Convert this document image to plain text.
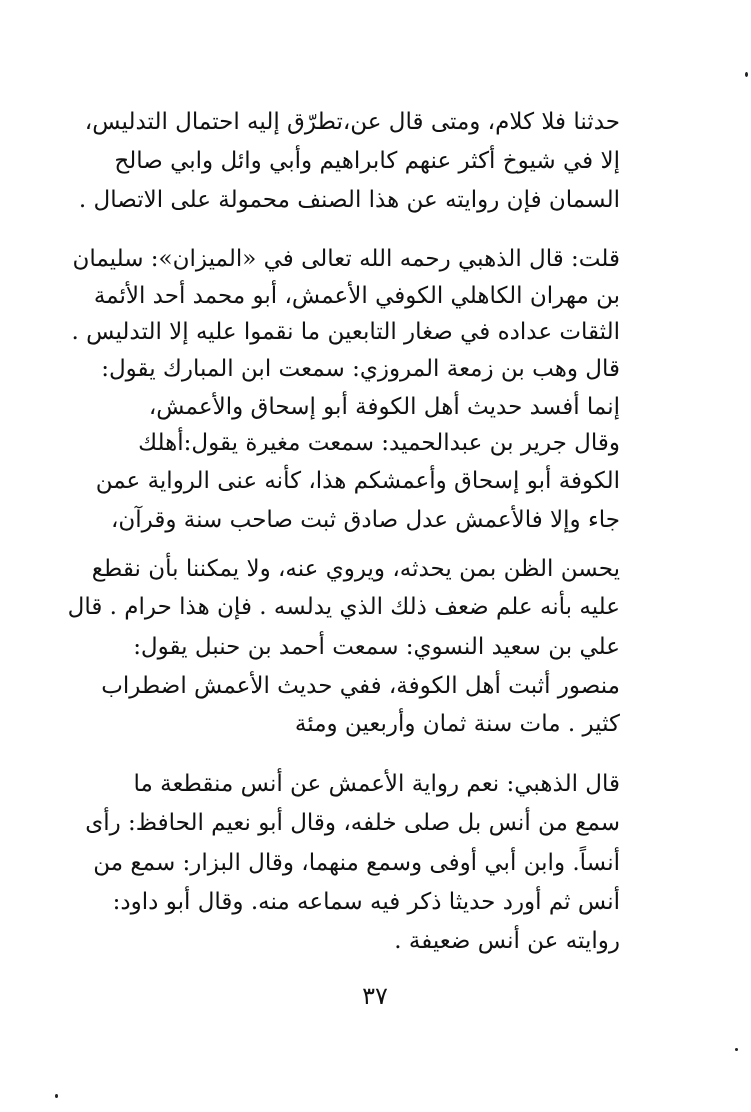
حدثنا فلا كلام، ومتى قال عن،تطرّق إليه احتمال التدليس،
إلا في شيوخ أكثر عنهم كابراهيم وأبي وائل وابي صالح
السمان فإن روايته عن هذا الصنف محمولة على الاتصال .
قلت: قال الذهبي رحمه الله تعالى في «الميزان»: سليمان
بن مهران الكاهلي الكوفي الأعمش، أبو محمد أحد الأئمة
الثقات عداده في صغار التابعين ما نقموا عليه إلا التدليس .
قال وهب بن زمعة المروزي: سمعت ابن المبارك يقول:
إنما أفسد حديث أهل الكوفة أبو إسحاق والأعمش،
وقال جرير بن عبدالحميد: سمعت مغيرة يقول:أهلك
الكوفة أبو إسحاق وأعمشكم هذا، كأنه عنى الرواية عمن
جاء وإلا فالأعمش عدل صادق ثبت صاحب سنة وقرآن،
يحسن الظن بمن يحدثه، ويروي عنه، ولا يمكننا بأن نقطع
عليه بأنه علم ضعف ذلك الذي يدلسه . فإن هذا حرام . قال
علي بن سعيد النسوي: سمعت أحمد بن حنبل يقول:
منصور أثبت أهل الكوفة، ففي حديث الأعمش اضطراب
كثير . مات سنة ثمان وأربعين ومئة
قال الذهبي: نعم رواية الأعمش عن أنس منقطعة ما
سمع من أنس بل صلى خلفه، وقال أبو نعيم الحافظ: رأى
أنساً. وابن أبي أوفى وسمع منهما، وقال البزار: سمع من
أنس ثم أورد حديثا ذكر فيه سماعه منه. وقال أبو داود:
روايته عن أنس ضعيفة .
٣٧
